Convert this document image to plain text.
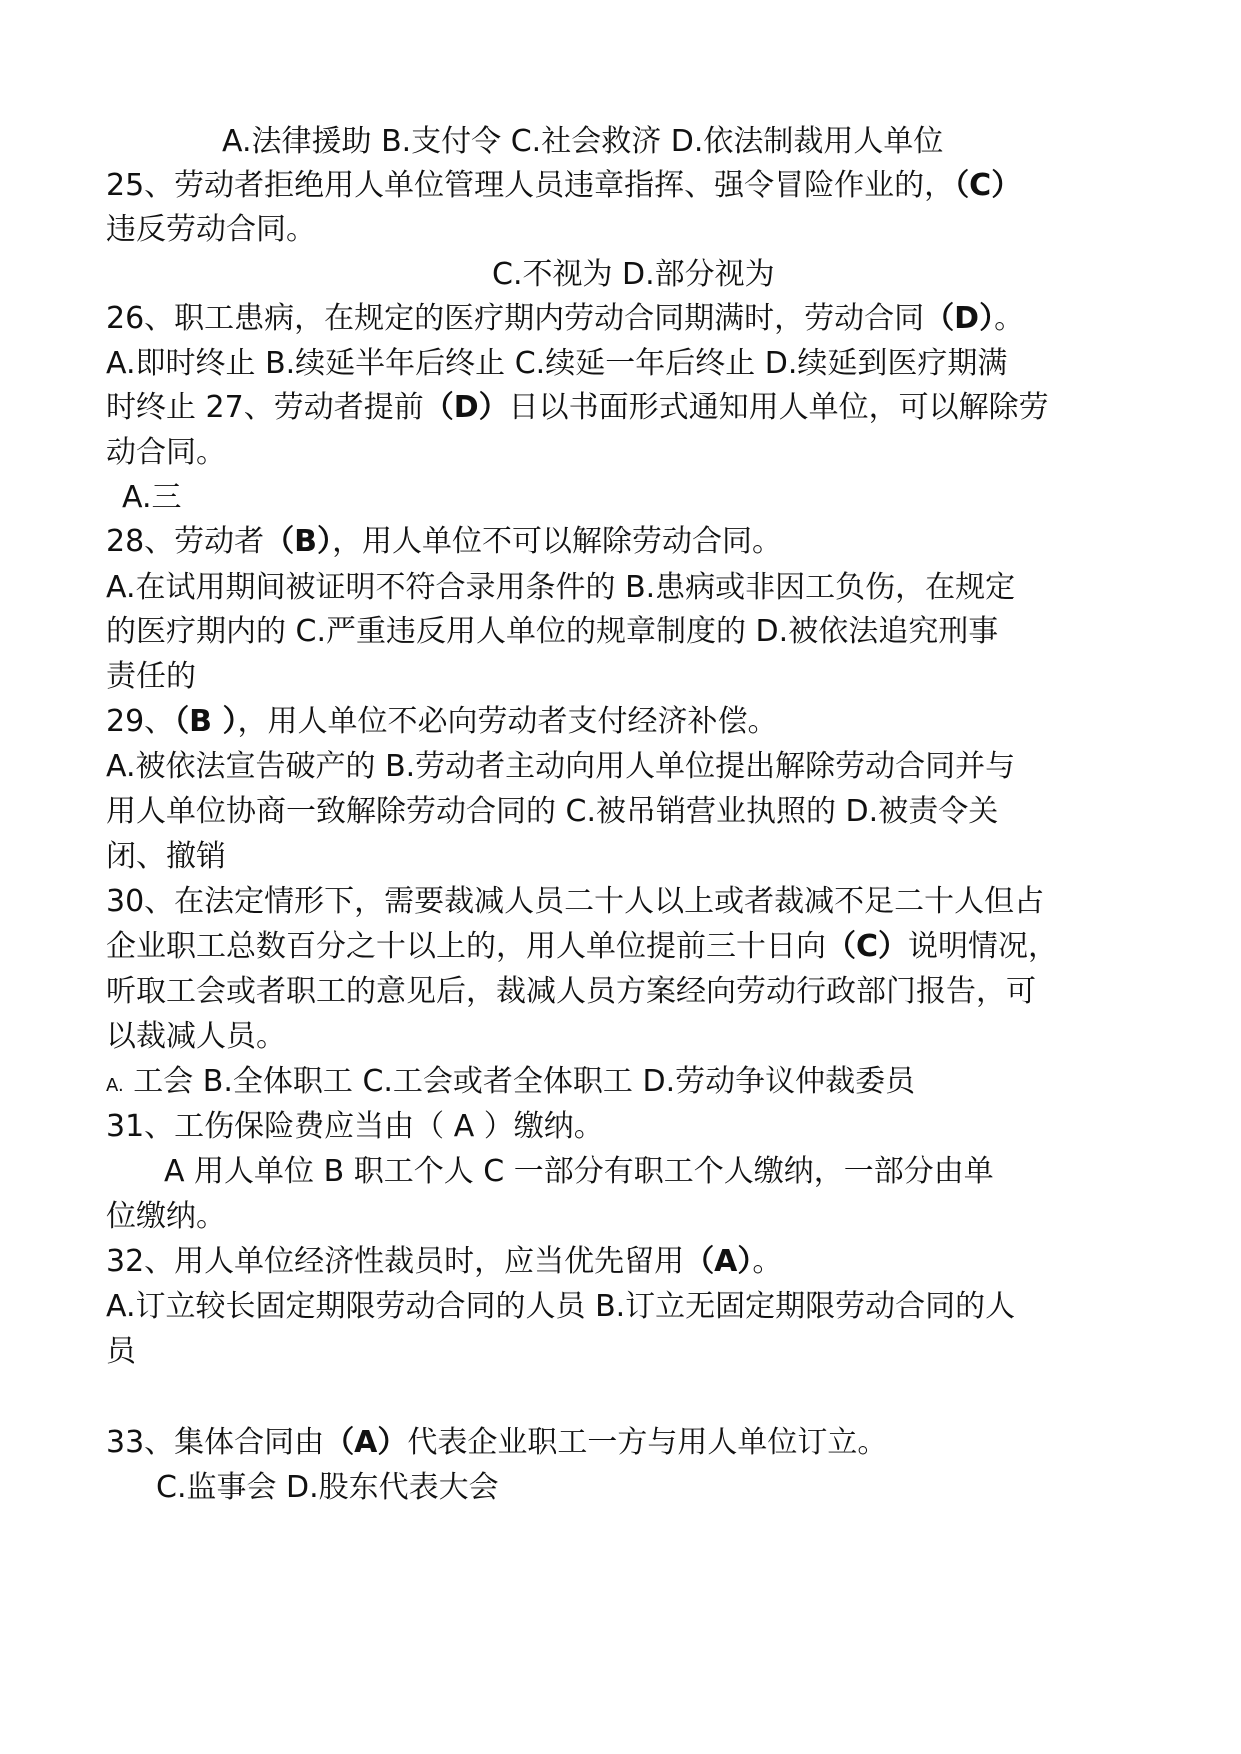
A.法律援助 B.支付令 C.社会救济 D.依法制裁用人单位
25、劳动者拒绝用人单位管理人员违章指挥、强令冒险作业的，（C）
违反劳动合同。
C.不视为 D.部分视为
26、职工患病，在规定的医疗期内劳动合同期满时，劳动合同（D）。
A.即时终止 B.续延半年后终止 C.续延一年后终止 D.续延到医疗期满
时终止 27、劳动者提前（D）日以书面形式通知用人单位，可以解除劳
动合同。
A.三
28、劳动者（B），用人单位不可以解除劳动合同。
A.在试用期间被证明不符合录用条件的 B.患病或非因工负伤，在规定
的医疗期内的 C.严重违反用人单位的规章制度的 D.被依法追究刑事
责任的
29、（B ），用人单位不必向劳动者支付经济补偿。
A.被依法宣告破产的 B.劳动者主动向用人单位提出解除劳动合同并与
用人单位协商一致解除劳动合同的 C.被吊销营业执照的 D.被责令关
闭、撤销
30、在法定情形下，需要裁减人员二十人以上或者裁减不足二十人但占
企业职工总数百分之十以上的，用人单位提前三十日向（C）说明情况，
听取工会或者职工的意见后，裁减人员方案经向劳动行政部门报告，可
以裁减人员。
A. 工会 B.全体职工 C.工会或者全体职工 D.劳动争议仲裁委员
31、工伤保险费应当由（ A ）缴纳。
A 用人单位 B 职工个人 C 一部分有职工个人缴纳，一部分由单
位缴纳。
32、用人单位经济性裁员时，应当优先留用（A）。
A.订立较长固定期限劳动合同的人员 B.订立无固定期限劳动合同的人
员
33、集体合同由（A）代表企业职工一方与用人单位订立。
C.监事会 D.股东代表大会
